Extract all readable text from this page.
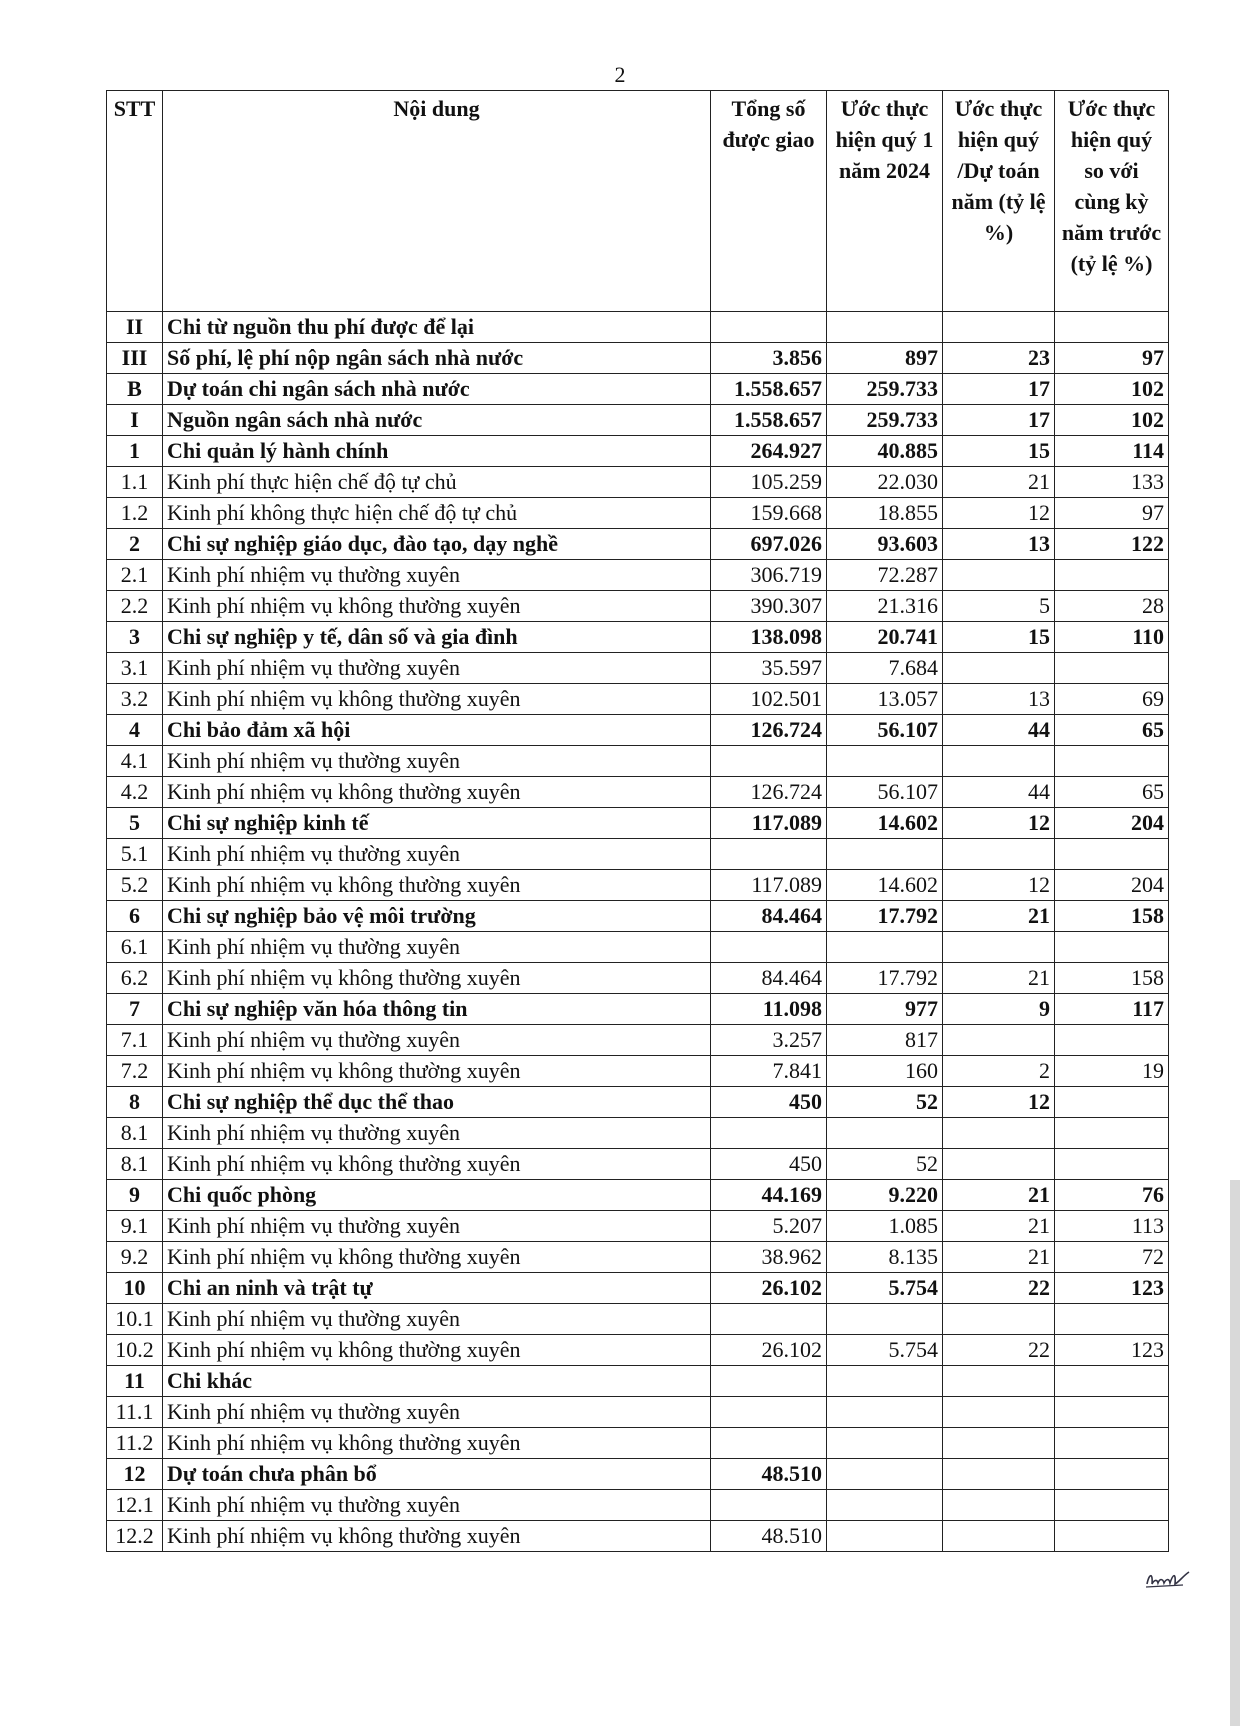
2
STT	Nội dung	Tổng số được giao	Ước thực hiện quý 1 năm 2024	Ước thực hiện quý /Dự toán năm (tỷ lệ %)	Ước thực hiện quý so với cùng kỳ năm trước (tỷ lệ %)
II	Chi từ nguồn thu phí được để lại				
III	Số phí, lệ phí nộp ngân sách nhà nước	3.856	897	23	97
B	Dự toán chi ngân sách nhà nước	1.558.657	259.733	17	102
I	Nguồn ngân sách nhà nước	1.558.657	259.733	17	102
1	Chi quản lý hành chính	264.927	40.885	15	114
1.1	Kinh phí thực hiện chế độ tự chủ	105.259	22.030	21	133
1.2	Kinh phí không thực hiện chế độ tự chủ	159.668	18.855	12	97
2	Chi sự nghiệp giáo dục, đào tạo, dạy nghề	697.026	93.603	13	122
2.1	Kinh phí nhiệm vụ thường xuyên	306.719	72.287		
2.2	Kinh phí nhiệm vụ không thường xuyên	390.307	21.316	5	28
3	Chi sự nghiệp y tế, dân số và gia đình	138.098	20.741	15	110
3.1	Kinh phí nhiệm vụ thường xuyên	35.597	7.684		
3.2	Kinh phí nhiệm vụ không thường xuyên	102.501	13.057	13	69
4	Chi bảo đảm xã hội	126.724	56.107	44	65
4.1	Kinh phí nhiệm vụ thường xuyên				
4.2	Kinh phí nhiệm vụ không thường xuyên	126.724	56.107	44	65
5	Chi sự nghiệp kinh tế	117.089	14.602	12	204
5.1	Kinh phí nhiệm vụ thường xuyên				
5.2	Kinh phí nhiệm vụ không thường xuyên	117.089	14.602	12	204
6	Chi sự nghiệp bảo vệ môi trường	84.464	17.792	21	158
6.1	Kinh phí nhiệm vụ thường xuyên				
6.2	Kinh phí nhiệm vụ không thường xuyên	84.464	17.792	21	158
7	Chi sự nghiệp văn hóa thông tin	11.098	977	9	117
7.1	Kinh phí nhiệm vụ thường xuyên	3.257	817		
7.2	Kinh phí nhiệm vụ không thường xuyên	7.841	160	2	19
8	Chi sự nghiệp thể dục thể thao	450	52	12	
8.1	Kinh phí nhiệm vụ thường xuyên				
8.1	Kinh phí nhiệm vụ không thường xuyên	450	52		
9	Chi quốc phòng	44.169	9.220	21	76
9.1	Kinh phí nhiệm vụ thường xuyên	5.207	1.085	21	113
9.2	Kinh phí nhiệm vụ không thường xuyên	38.962	8.135	21	72
10	Chi an ninh và trật tự	26.102	5.754	22	123
10.1	Kinh phí nhiệm vụ thường xuyên				
10.2	Kinh phí nhiệm vụ không thường xuyên	26.102	5.754	22	123
11	Chi khác				
11.1	Kinh phí nhiệm vụ thường xuyên				
11.2	Kinh phí nhiệm vụ không thường xuyên				
12	Dự toán chưa phân bổ	48.510			
12.1	Kinh phí nhiệm vụ thường xuyên				
12.2	Kinh phí nhiệm vụ không thường xuyên	48.510			
